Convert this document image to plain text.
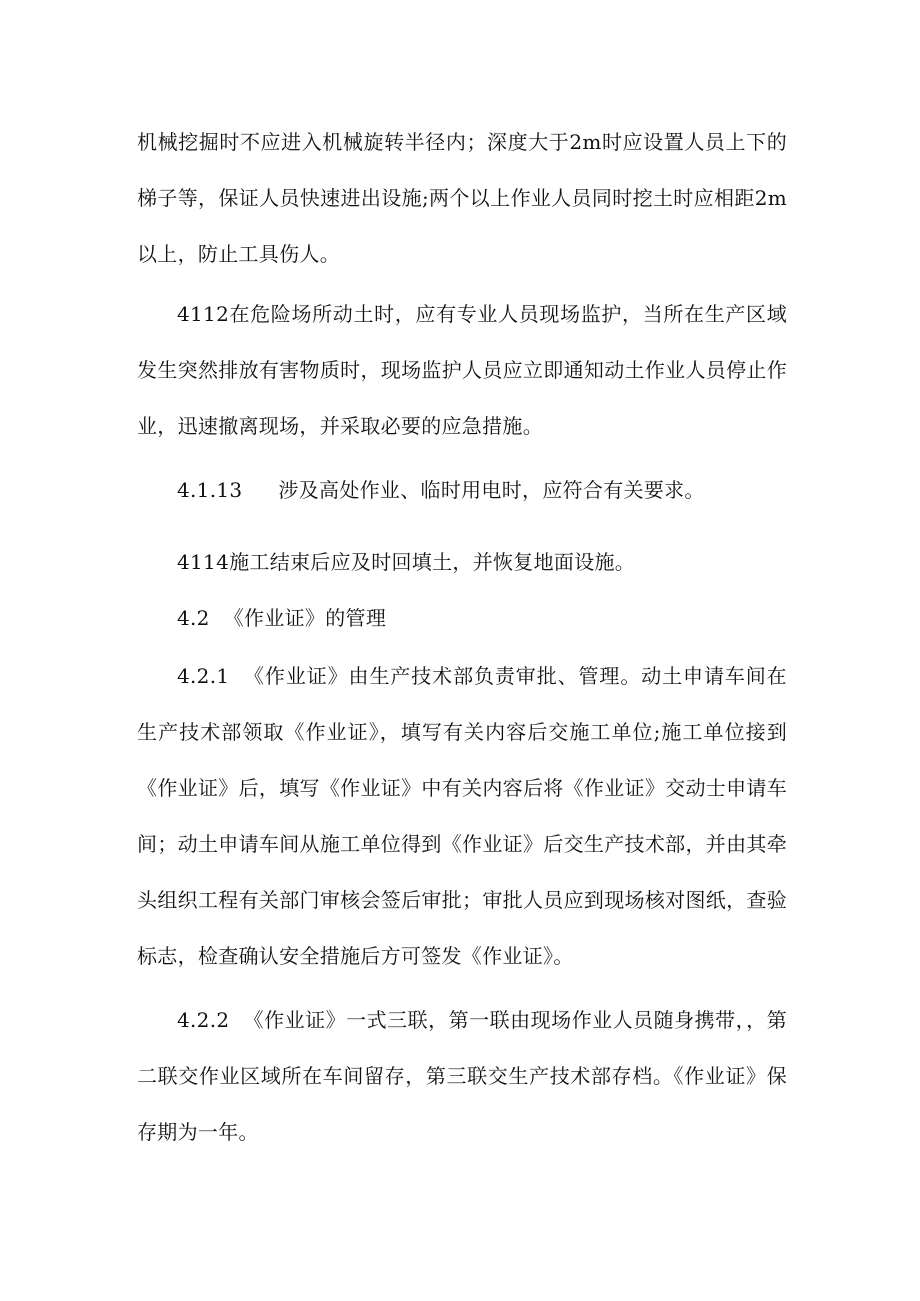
机械挖掘时不应进入机械旋转半径内；深度大于2m时应设置人员上下的梯子等，保证人员快速进出设施;两个以上作业人员同时挖土时应相距2m以上，防止工具伤人。
4112在危险场所动土时，应有专业人员现场监护，当所在生产区域发生突然排放有害物质时，现场监护人员应立即通知动土作业人员停止作业，迅速撤离现场，并采取必要的应急措施。
4.1.13 涉及高处作业、临时用电时，应符合有关要求。
4114施工结束后应及时回填土，并恢复地面设施。
4.2 《作业证》的管理
4.2.1 《作业证》由生产技术部负责审批、管理。动土申请车间在生产技术部领取《作业证》，填写有关内容后交施工单位;施工单位接到《作业证》后，填写《作业证》中有关内容后将《作业证》交动士申请车间；动土申请车间从施工单位得到《作业证》后交生产技术部，并由其牵头组织工程有关部门审核会签后审批；审批人员应到现场核对图纸，查验标志，检查确认安全措施后方可签发《作业证》。
4.2.2 《作业证》一式三联，第一联由现场作业人员随身携带，，第二联交作业区域所在车间留存，第三联交生产技术部存档。《作业证》保存期为一年。
